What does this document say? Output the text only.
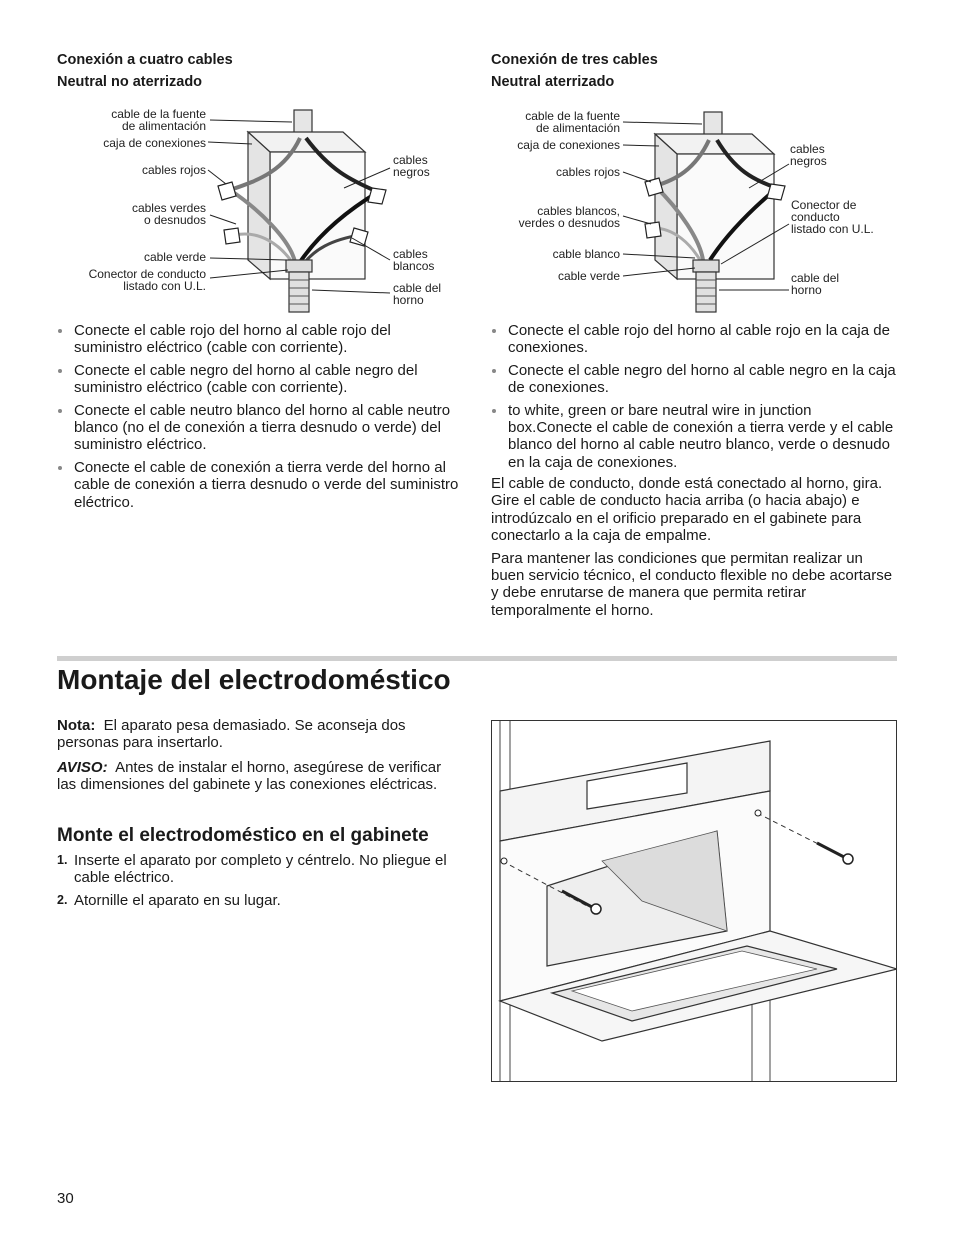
Conexión a cuatro cables
Neutral no aterrizado
cable de la fuente
de alimentación
caja de conexiones
cables rojos
cables verdes
o desnudos
cable verde
Conector de conducto
listado con U.L.
cables
negros
cables
blancos
cable del
horno
Conecte el cable rojo del horno al cable rojo del suministro eléctrico (cable con corriente).
Conecte el cable negro del horno al cable negro del suministro eléctrico (cable con corriente).
Conecte el cable neutro blanco del horno al cable neutro blanco (no el de conexión a tierra desnudo o verde) del suministro eléctrico.
Conecte el cable de conexión a tierra verde del horno al cable de conexión a tierra desnudo o verde del suministro eléctrico.
Conexión de tres cables
Neutral aterrizado
cable de la fuente
de alimentación
caja de conexiones
cables rojos
cables blancos,
verdes o desnudos
cable blanco
cable verde
cables
negros
Conector de
conducto
listado con U.L.
cable del
horno
Conecte el cable rojo del horno al cable rojo en la caja de conexiones.
Conecte el cable negro del horno al cable negro en la caja de conexiones.
to white, green or bare neutral wire in junction box.Conecte el cable de conexión a tierra verde y el cable blanco del horno al cable neutro blanco, verde o desnudo en la caja de conexiones.

El cable de conducto, donde está conectado al horno, gira. Gire el cable de conducto hacia arriba (o hacia abajo) e introdúzcalo en el orificio preparado en el gabinete para conectarlo a la caja de empalme.

Para mantener las condiciones que permitan realizar un buen servicio técnico, el conducto flexible no debe acortarse y debe enrutarse de manera que permita retirar temporalmente el horno.

Montaje del electrodoméstico
Nota: El aparato pesa demasiado. Se aconseja dos personas para insertarlo.
AVISO: Antes de instalar el horno, asegúrese de verificar las dimensiones del gabinete y las conexiones eléctricas.
Monte el electrodoméstico en el gabinete
1. Inserte el aparato por completo y céntrelo. No pliegue el cable eléctrico.
2. Atornille el aparato en su lugar.
30
